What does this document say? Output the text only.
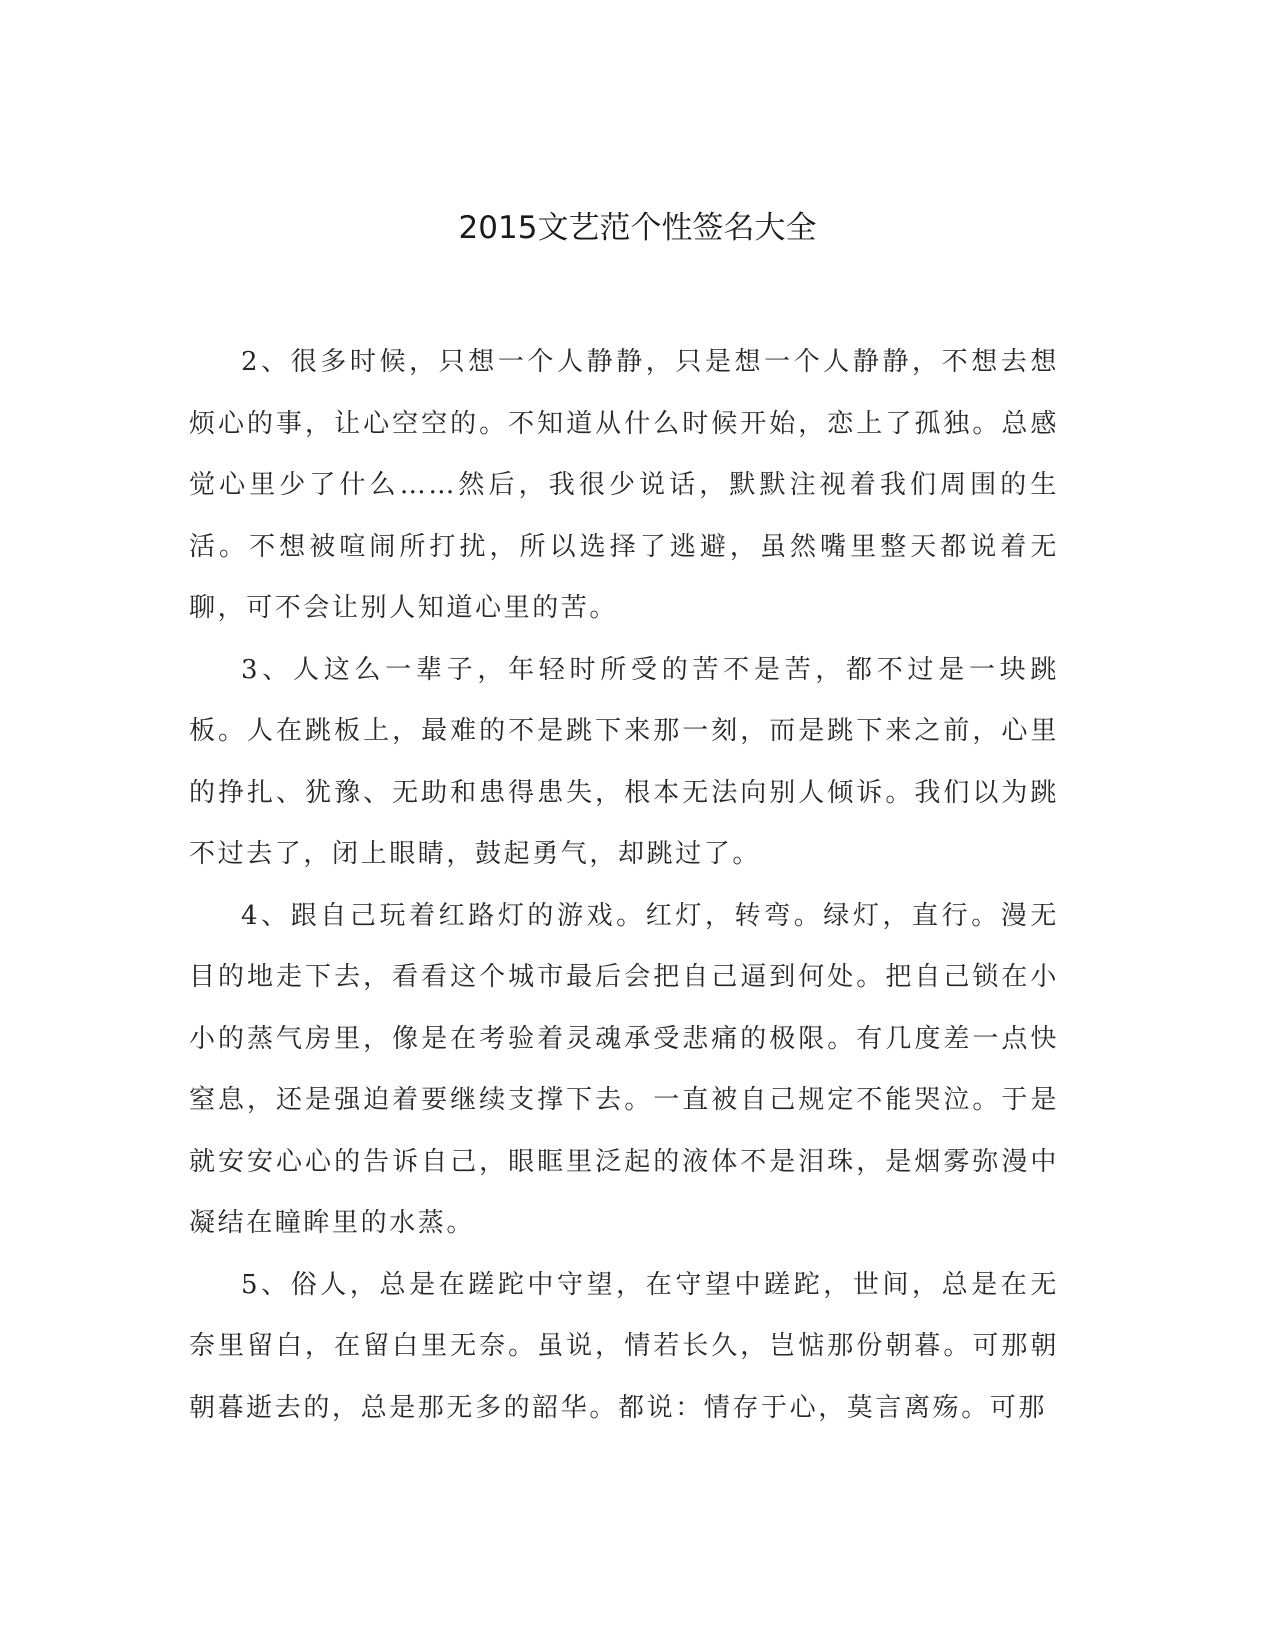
2015文艺范个性签名大全

2、很多时候，只想一个人静静，只是想一个人静静，不想去想烦心的事，让心空空的。不知道从什么时候开始，恋上了孤独。总感觉心里少了什么……然后，我很少说话，默默注视着我们周围的生活。不想被喧闹所打扰，所以选择了逃避，虽然嘴里整天都说着无聊，可不会让别人知道心里的苦。

3、人这么一辈子，年轻时所受的苦不是苦，都不过是一块跳板。人在跳板上，最难的不是跳下来那一刻，而是跳下来之前，心里的挣扎、犹豫、无助和患得患失，根本无法向别人倾诉。我们以为跳不过去了，闭上眼睛，鼓起勇气，却跳过了。

4、跟自己玩着红路灯的游戏。红灯，转弯。绿灯，直行。漫无目的地走下去，看看这个城市最后会把自己逼到何处。把自己锁在小小的蒸气房里，像是在考验着灵魂承受悲痛的极限。有几度差一点快窒息，还是强迫着要继续支撑下去。一直被自己规定不能哭泣。于是就安安心心的告诉自己，眼眶里泛起的液体不是泪珠，是烟雾弥漫中凝结在瞳眸里的水蒸。

5、俗人，总是在蹉跎中守望，在守望中蹉跎，世间，总是在无奈里留白，在留白里无奈。虽说，情若长久，岂惦那份朝暮。可那朝朝暮逝去的，总是那无多的韶华。都说：情存于心，莫言离殇。可那
